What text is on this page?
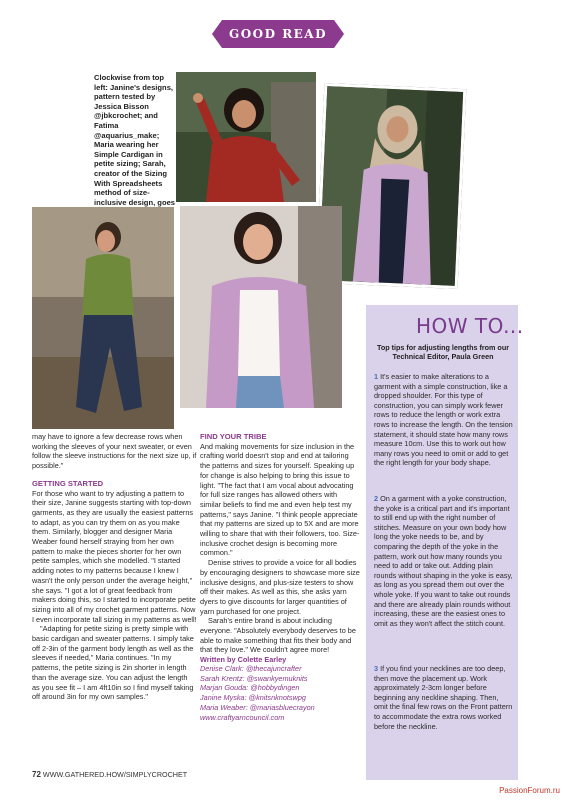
GOOD READ
Clockwise from top left: Janine's designs, pattern tested by Jessica Bisson @jbkcrochet; and Fatima @aquarius_make; Maria wearing her Simple Cardigan in petite sizing; Sarah, creator of the Sizing With Spreadsheets method of size-inclusive design, goes
HOW TO...
Top tips for adjusting lengths from our Technical Editor, Paula Green
1 It's easier to make alterations to a garment with a simple construction, like a dropped shoulder. For this type of construction, you can simply work fewer rows to reduce the length or work extra rows to increase the length. On the tension statement, it should state how many rows measure 10cm. Use this to work out how many rows you need to omit or add to get the right length for your body shape.
2 On a garment with a yoke construction, the yoke is a critical part and it's important to still end up with the right number of stitches. Measure on your own body how long the yoke needs to be, and by comparing the depth of the yoke in the pattern, work out how many rounds you need to add or take out. Adding plain rounds without shaping in the yoke is easy, as long as you spread them out over the whole yoke. If you want to take out rounds and there are already plain rounds without increasing, these are the easiest ones to omit as they won't affect the stitch count.
3 If you find your necklines are too deep, then move the placement up. Work approximately 2-3cm longer before beginning any neckline shaping. Then, omit the final few rows on the Front pattern to accommodate the extra rows worked before the neckline.

may have to ignore a few decrease rows when working the sleeves of your next sweater, or even follow the sleeve instructions for the next size up, if possible."

GETTING STARTED

For those who want to try adjusting a pattern to their size, Janine suggests starting with top-down garments, as they are usually the easiest patterns to adapt, as you can try them on as you make them. Similarly, blogger and designer Maria Weaber found herself straying from her own pattern to make the pieces shorter for her own petite samples, which she modelled. "I started adding notes to my patterns because I knew I wasn't the only person under the average height," she says. "I got a lot of great feedback from makers doing this, so I started to incorporate petite sizing into all of my crochet garment patterns. Now I even incorporate tall sizing in my patterns as well!

"Adapting for petite sizing is pretty simple with basic cardigan and sweater patterns. I simply take off 2-3in of the garment body length as well as the sleeves if needed," Maria continues. "In my patterns, the petite sizing is 2in shorter in length than the average size. You can adjust the length as you see fit – I am 4ft10in so I find myself taking off around 3in for my own samples."

FIND YOUR TRIBE

And making movements for size inclusion in the crafting world doesn't stop and end at tailoring the patterns and sizes for yourself. Speaking up for change is also helping to bring this issue to light. "The fact that I am vocal about advocating for full size ranges has allowed others with similar beliefs to find me and even help test my patterns," says Janine. "I think people appreciate that my patterns are sized up to 5X and are more willing to share that with their followers, too. Size-inclusive crochet design is becoming more common."

Denise strives to provide a voice for all bodies by encouraging designers to showcase more size inclusive designs, and plus-size testers to show off their makes. As well as this, she asks yarn dyers to give discounts for larger quantities of yarn purchased for one project.

Sarah's entire brand is about including everyone. "Absolutely everybody deserves to be able to make something that fits their body and that they love." We couldn't agree more!

Written by Colette Earley

Denise Clark: @thecajuncrafter
Sarah Krentz: @swankyemuknits
Marjan Gouda: @hobbydingen
Janine Myska: @knitsnknotswpg
Maria Weaber: @mariasbluecrayon
www.craftyarncouncil.com
72 WWW.GATHERED.HOW/SIMPLYCROCHET
PassionForum.ru
